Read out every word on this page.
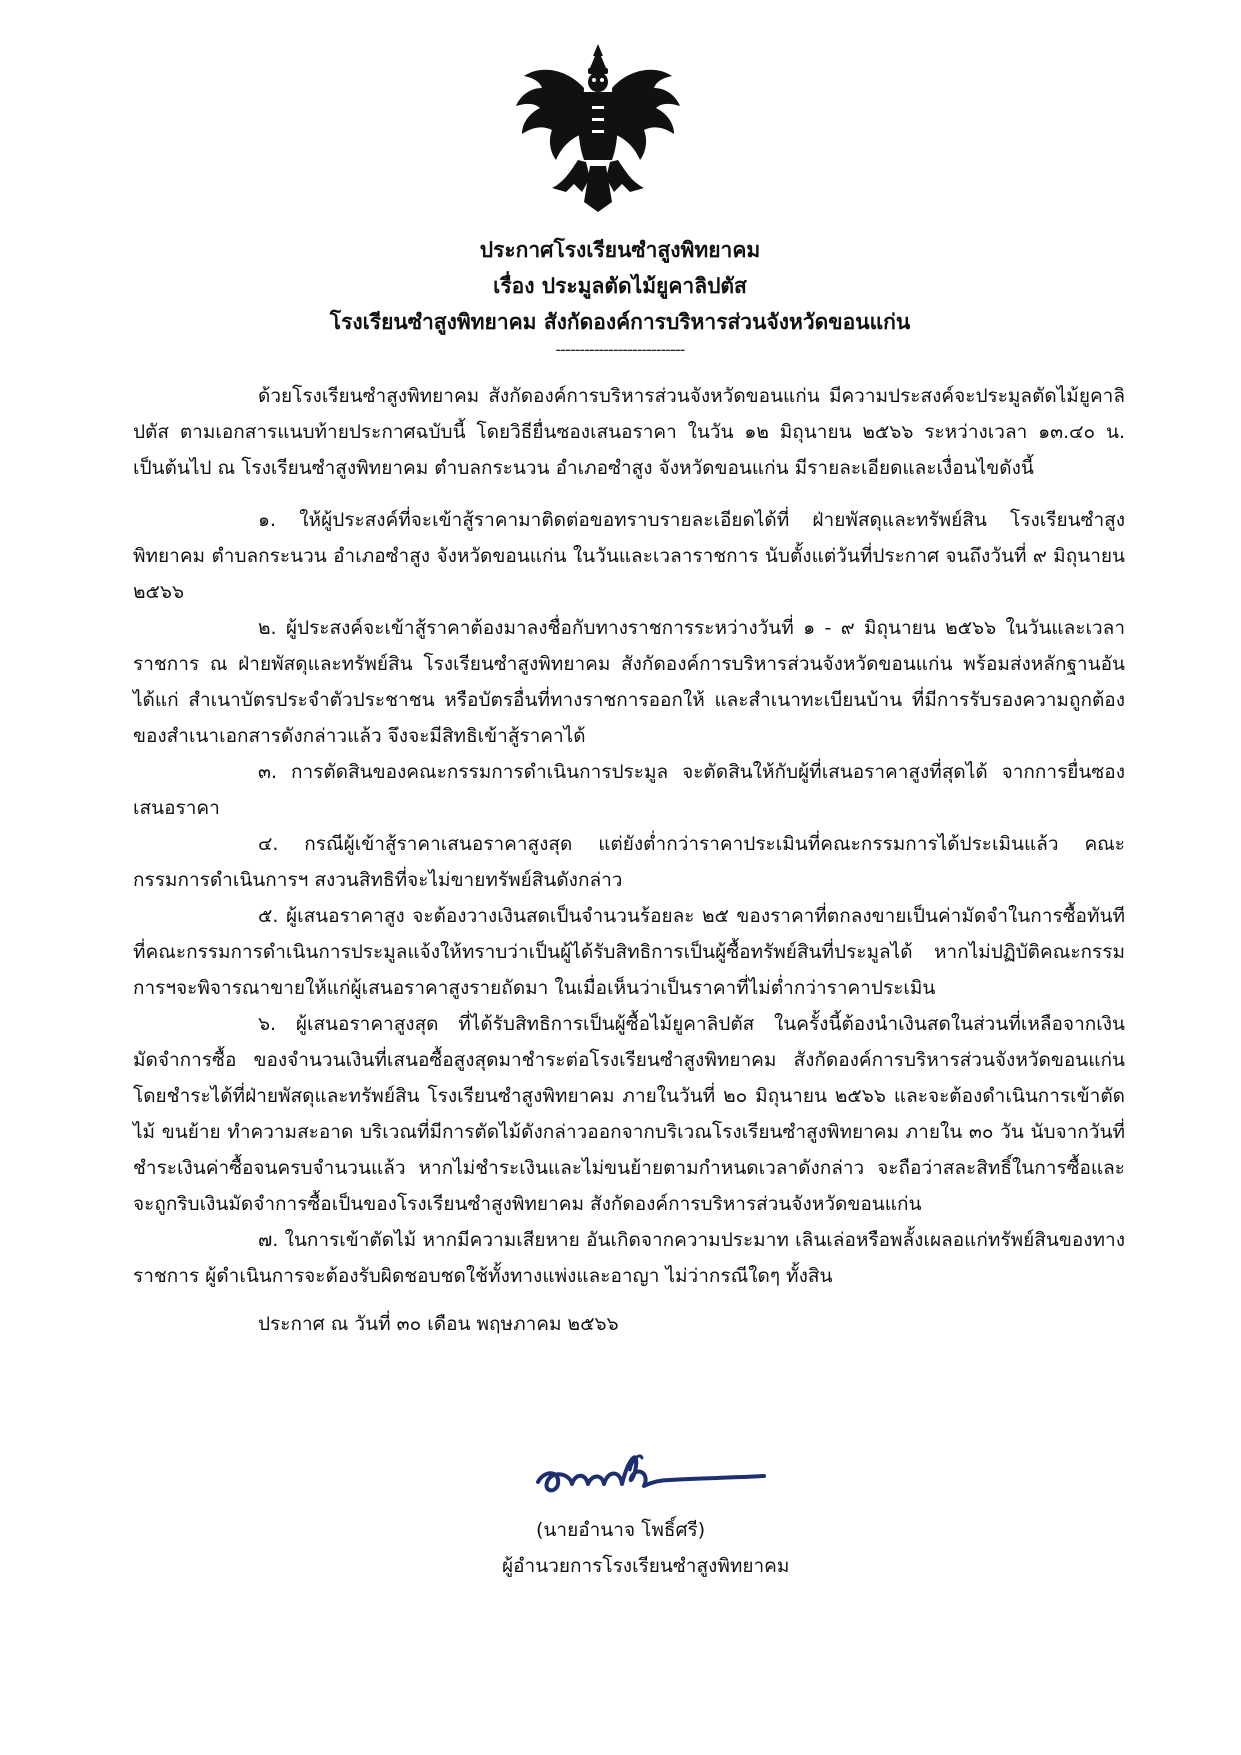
ประกาศโรงเรียนซำสูงพิทยาคม
เรื่อง ประมูลตัดไม้ยูคาลิปตัส
โรงเรียนซำสูงพิทยาคม สังกัดองค์การบริหารส่วนจังหวัดขอนแก่น
---------------------------

ด้วยโรงเรียนซำสูงพิทยาคม สังกัดองค์การบริหารส่วนจังหวัดขอนแก่น มีความประสงค์จะประมูลตัดไม้ยูคาลิปตัส ตามเอกสารแนบท้ายประกาศฉบับนี้ โดยวิธียื่นซองเสนอราคา ในวัน ๑๒ มิถุนายน ๒๕๖๖ ระหว่างเวลา ๑๓.๔๐ น. เป็นต้นไป ณ โรงเรียนซำสูงพิทยาคม ตำบลกระนวน อำเภอซำสูง จังหวัดขอนแก่น มีรายละเอียดและเงื่อนไขดังนี้

๑. ให้ผู้ประสงค์ที่จะเข้าสู้ราคามาติดต่อขอทราบรายละเอียดได้ที่ ฝ่ายพัสดุและทรัพย์สิน โรงเรียนซำสูงพิทยาคม ตำบลกระนวน อำเภอซำสูง จังหวัดขอนแก่น ในวันและเวลาราชการ นับตั้งแต่วันที่ประกาศ จนถึงวันที่ ๙ มิถุนายน ๒๕๖๖

๒. ผู้ประสงค์จะเข้าสู้ราคาต้องมาลงชื่อกับทางราชการระหว่างวันที่ ๑ - ๙ มิถุนายน ๒๕๖๖ ในวันและเวลาราชการ ณ ฝ่ายพัสดุและทรัพย์สิน โรงเรียนซำสูงพิทยาคม สังกัดองค์การบริหารส่วนจังหวัดขอนแก่น พร้อมส่งหลักฐานอันได้แก่ สำเนาบัตรประจำตัวประชาชน หรือบัตรอื่นที่ทางราชการออกให้ และสำเนาทะเบียนบ้าน ที่มีการรับรองความถูกต้องของสำเนาเอกสารดังกล่าวแล้ว จึงจะมีสิทธิเข้าสู้ราคาได้

๓. การตัดสินของคณะกรรมการดำเนินการประมูล จะตัดสินให้กับผู้ที่เสนอราคาสูงที่สุดได้ จากการยื่นซองเสนอราคา

๔. กรณีผู้เข้าสู้ราคาเสนอราคาสูงสุด แต่ยังต่ำกว่าราคาประเมินที่คณะกรรมการได้ประเมินแล้ว คณะกรรมการดำเนินการฯ สงวนสิทธิที่จะไม่ขายทรัพย์สินดังกล่าว

๕. ผู้เสนอราคาสูง จะต้องวางเงินสดเป็นจำนวนร้อยละ ๒๕ ของราคาที่ตกลงขายเป็นค่ามัดจำในการซื้อทันทีที่คณะกรรมการดำเนินการประมูลแจ้งให้ทราบว่าเป็นผู้ได้รับสิทธิการเป็นผู้ซื้อทรัพย์สินที่ประมูลได้ หากไม่ปฏิบัติคณะกรรมการฯจะพิจารณาขายให้แก่ผู้เสนอราคาสูงรายถัดมา ในเมื่อเห็นว่าเป็นราคาที่ไม่ต่ำกว่าราคาประเมิน

๖. ผู้เสนอราคาสูงสุด ที่ได้รับสิทธิการเป็นผู้ซื้อไม้ยูคาลิปตัส ในครั้งนี้ต้องนำเงินสดในส่วนที่เหลือจากเงินมัดจำการซื้อ ของจำนวนเงินที่เสนอซื้อสูงสุดมาชำระต่อโรงเรียนซำสูงพิทยาคม สังกัดองค์การบริหารส่วนจังหวัดขอนแก่น โดยชำระได้ที่ฝ่ายพัสดุและทรัพย์สิน โรงเรียนซำสูงพิทยาคม ภายในวันที่ ๒๐ มิถุนายน ๒๕๖๖ และจะต้องดำเนินการเข้าตัดไม้ ขนย้าย ทำความสะอาด บริเวณที่มีการตัดไม้ดังกล่าวออกจากบริเวณโรงเรียนซำสูงพิทยาคม ภายใน ๓๐ วัน นับจากวันที่ชำระเงินค่าซื้อจนครบจำนวนแล้ว หากไม่ชำระเงินและไม่ขนย้ายตามกำหนดเวลาดังกล่าว จะถือว่าสละสิทธิ์ในการซื้อและจะถูกริบเงินมัดจำการซื้อเป็นของโรงเรียนซำสูงพิทยาคม สังกัดองค์การบริหารส่วนจังหวัดขอนแก่น

๗. ในการเข้าตัดไม้ หากมีความเสียหาย อันเกิดจากความประมาท เลินเล่อหรือพลั้งเผลอแก่ทรัพย์สินของทางราชการ ผู้ดำเนินการจะต้องรับผิดชอบชดใช้ทั้งทางแพ่งและอาญา ไม่ว่ากรณีใดๆ ทั้งสิน

ประกาศ ณ วันที่ ๓๐ เดือน พฤษภาคม ๒๕๖๖

(นายอำนาจ โพธิ์ศรี)
ผู้อำนวยการโรงเรียนซำสูงพิทยาคม
